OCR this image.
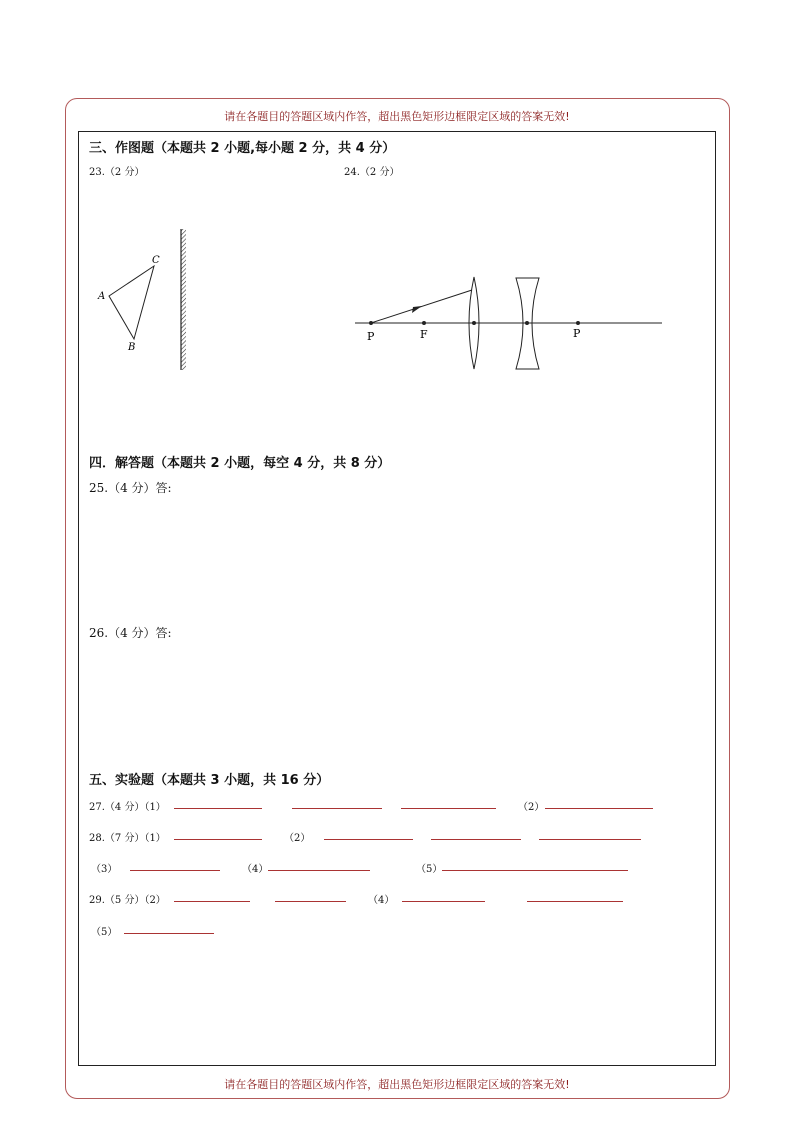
请在各题目的答题区域内作答，超出黑色矩形边框限定区域的答案无效!
请在各题目的答题区域内作答，超出黑色矩形边框限定区域的答案无效!
三、作图题（本题共 2 小题,每小题 2 分，共 4 分）
23.（2 分）	24.（2 分）
A
B
C
P	F	P
四．解答题（本题共 2 小题，每空 4 分，共 8 分）
25.（4 分）答:
26.（4 分）答:
五、实验题（本题共 3 小题，共 16 分）
27.（4 分）（1）	（2）
28.（7 分）（1）	（2）
（3）	（4）	（5）
29.（5 分）（2）	（4）
（5）
